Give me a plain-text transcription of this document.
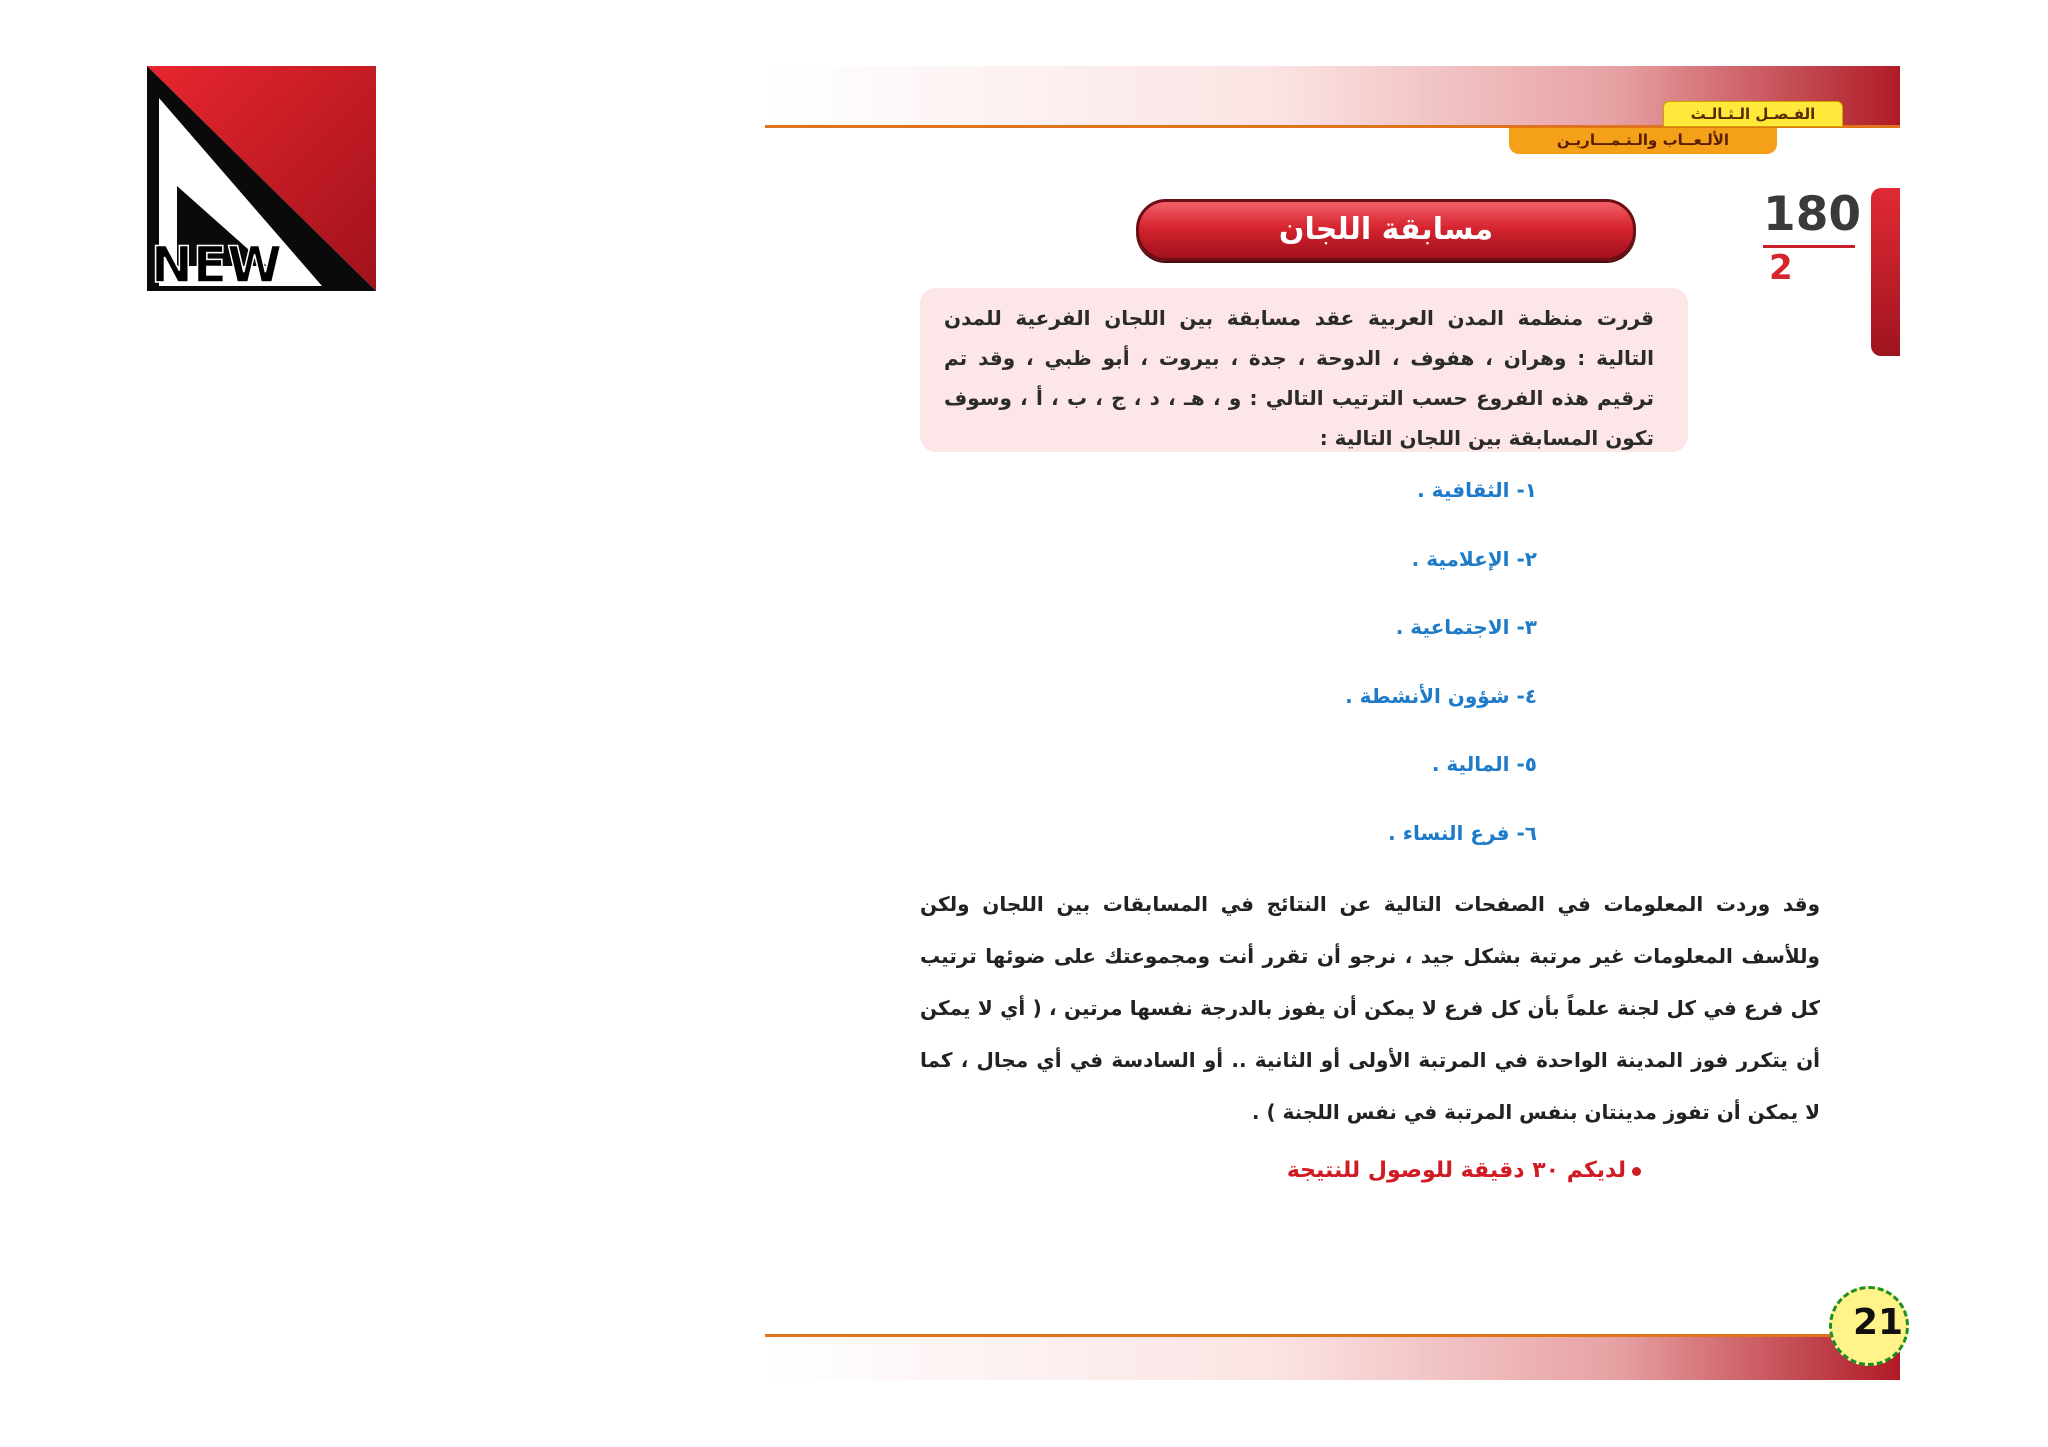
NEW
الفـصـل الـثـالـث
الألـعــاب والـتـمـــاريـن
180
2
مسابقة اللجان
قررت منظمة المدن العربية عقد مسابقة بين اللجان الفرعية للمدن التالية : وهران ، هفوف ، الدوحة ، جدة ، بيروت ، أبو ظبي ، وقد تم ترقيم هذه الفروع حسب الترتيب التالي : و ، هـ ، د ، ج ، ب ، أ ، وسوف تكون المسابقة بين اللجان التالية :
١- الثقافية .
٢- الإعلامية .
٣- الاجتماعية .
٤- شؤون الأنشطة .
٥- المالية .
٦- فرع النساء .
وقد وردت المعلومات في الصفحات التالية عن النتائج في المسابقات بين اللجان ولكن وللأسف المعلومات غير مرتبة بشكل جيد ، نرجو أن تقرر أنت ومجموعتك على ضوئها ترتيب كل فرع في كل لجنة علماً بأن كل فرع لا يمكن أن يفوز بالدرجة نفسها مرتين ، ( أي لا يمكن أن يتكرر فوز المدينة الواحدة في المرتبة الأولى أو الثانية .. أو السادسة في أي مجال ، كما لا يمكن أن تفوز مدينتان بنفس المرتبة في نفس اللجنة ) .
لديكم ٣٠ دقيقة للوصول للنتيجة
21
